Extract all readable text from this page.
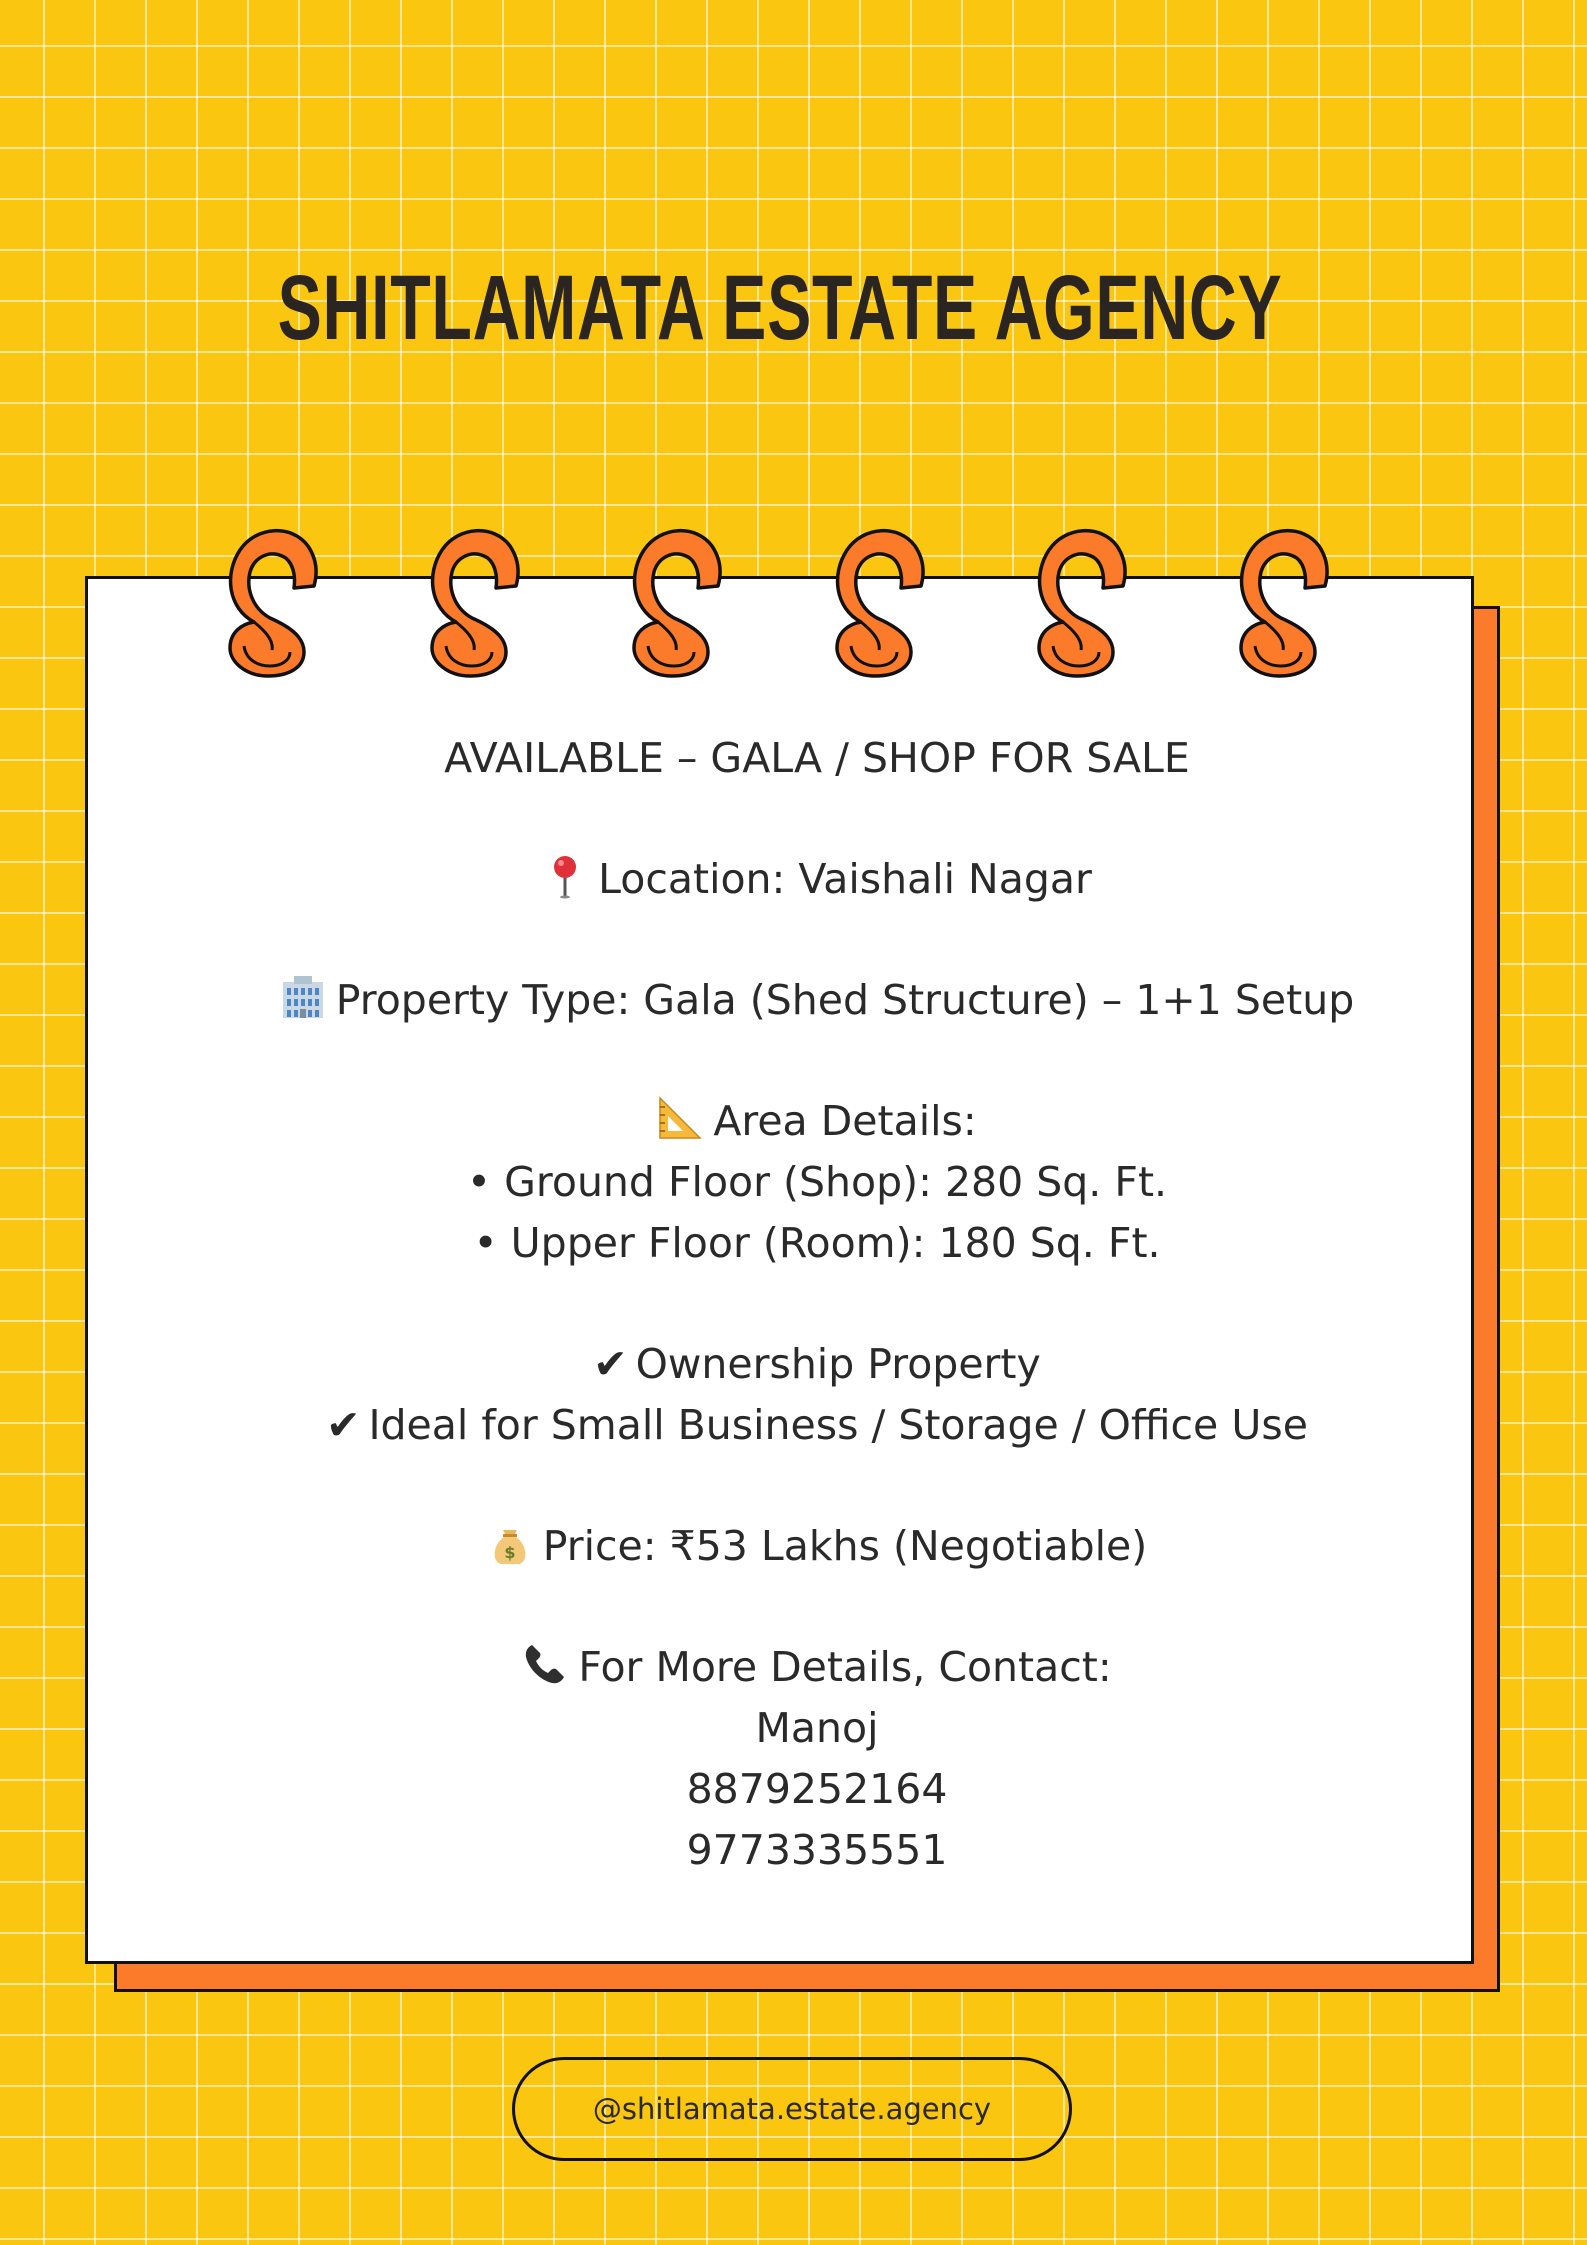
SHITLAMATA ESTATE AGENCY
AVAILABLE – GALA / SHOP FOR SALE
Location: Vaishali Nagar
Property Type: Gala (Shed Structure) – 1+1 Setup
Area Details:
• Ground Floor (Shop): 280 Sq. Ft.
• Upper Floor (Room): 180 Sq. Ft.
✔ Ownership Property
✔ Ideal for Small Business / Storage / Office Use
$ Price: ₹53 Lakhs (Negotiable)
For More Details, Contact:
Manoj
8879252164
9773335551
@shitlamata.estate.agency
